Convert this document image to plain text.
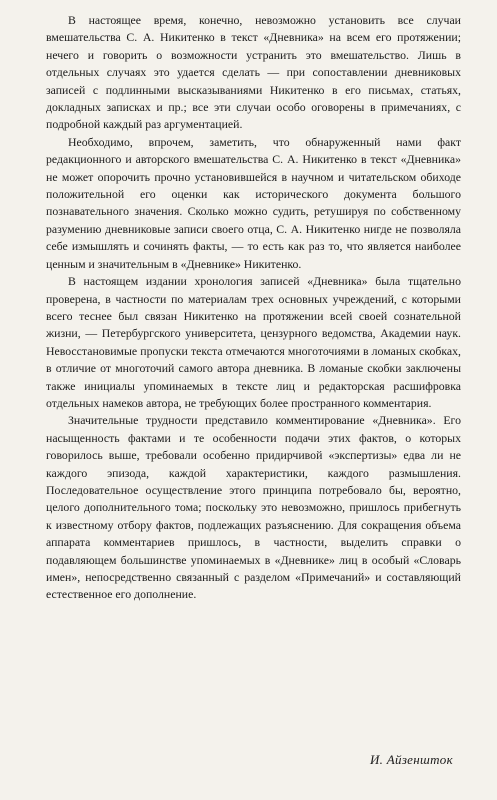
В настоящее время, конечно, невозможно установить все случаи вмешательства С. А. Никитенко в текст «Дневника» на всем его протяжении; нечего и говорить о возможности устранить это вмешательство. Лишь в отдельных случаях это удается сделать — при сопоставлении дневниковых записей с подлинными высказываниями Никитенко в его письмах, статьях, докладных записках и пр.; все эти случаи особо оговорены в примечаниях, с подробной каждый раз аргументацией.

Необходимо, впрочем, заметить, что обнаруженный нами факт редакционного и авторского вмешательства С. А. Никитенко в текст «Дневника» не может опорочить прочно установившейся в научном и читательском обиходе положительной его оценки как исторического документа большого познавательного значения. Сколько можно судить, ретушируя по собственному разумению дневниковые записи своего отца, С. А. Никитенко нигде не позволяла себе измышлять и сочинять факты, — то есть как раз то, что является наиболее ценным и значительным в «Дневнике» Никитенко.

В настоящем издании хронология записей «Дневника» была тщательно проверена, в частности по материалам трех основных учреждений, с которыми всего теснее был связан Никитенко на протяжении всей своей сознательной жизни, — Петербургского университета, цензурного ведомства, Академии наук. Невосстановимые пропуски текста отмечаются многоточиями в ломаных скобках, в отличие от многоточий самого автора дневника. В ломаные скобки заключены также инициалы упоминаемых в тексте лиц и редакторская расшифровка отдельных намеков автора, не требующих более пространного комментария.

Значительные трудности представило комментирование «Дневника». Его насыщенность фактами и те особенности подачи этих фактов, о которых говорилось выше, требовали особенно придирчивой «экспертизы» едва ли не каждого эпизода, каждой характеристики, каждого размышления. Последовательное осуществление этого принципа потребовало бы, вероятно, целого дополнительного тома; поскольку это невозможно, пришлось прибегнуть к известному отбору фактов, подлежащих разъяснению. Для сокращения объема аппарата комментариев пришлось, в частности, выделить справки о подавляющем большинстве упоминаемых в «Дневнике» лиц в особый «Словарь имен», непосредственно связанный с разделом «Примечаний» и составляющий естественное его дополнение.

И. Айзеншток
